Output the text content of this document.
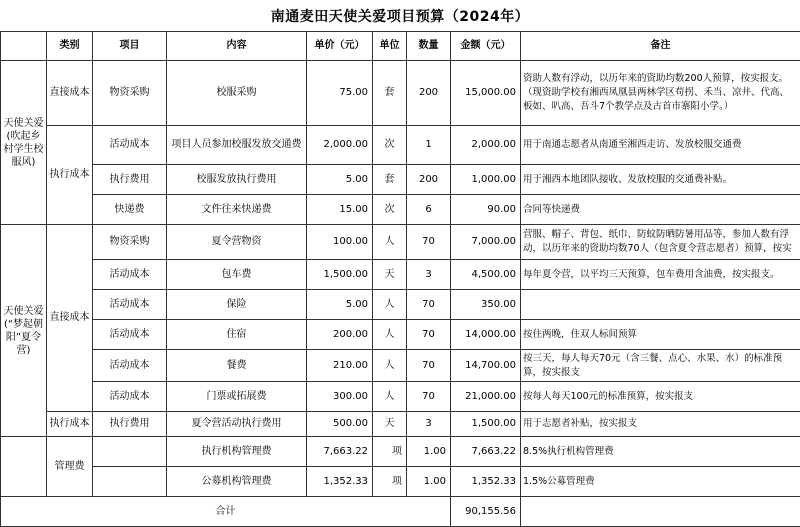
南通麦田天使关爱项目预算（2024年）
	类别	项目	内容	单价（元）	单位	数量	金额（元）	备注
天使关爱(吹起乡村学生校服风)	直接成本	物资采购	校服采购	75.00	套	200	15,000.00	资助人数有浮动，以历年来的资助均数200人预算，按实报支。（现资助学校有湘西凤凰县两林学区苟拐、禾当、凉井、代高、板如、叭高、吾斗7个教学点及古首市寨阳小学。）
	执行成本	活动成本	项目人员参加校服发放交通费	2,000.00	次	1	2,000.00	用于南通志愿者从南通至湘西走访、发放校服交通费
		执行费用	校服发放执行费用	5.00	套	200	1,000.00	用于湘西本地团队接收、发放校服的交通费补贴。
		快递费	文件往来快递费	15.00	次	6	90.00	合同等快递费
天使关爱(“梦起朝阳”夏令营)	直接成本	物资采购	夏令营物资	100.00	人	70	7,000.00	营服、帽子、背包、纸巾、防蚊防晒防暑用品等，参加人数有浮动，以历年来的资助均数70人（包含夏令营志愿者）预算，按实
		活动成本	包车费	1,500.00	天	3	4,500.00	每年夏令营，以平均三天预算，包车费用含油费，按实报支。
		活动成本	保险	5.00	人	70	350.00	
		活动成本	住宿	200.00	人	70	14,000.00	按住两晚，住双人标间预算
		活动成本	餐费	210.00	人	70	14,700.00	按三天，每人每天70元（含三餐、点心、水果、水）的标准预算，按实报支
		活动成本	门票或拓展费	300.00	人	70	21,000.00	按每人每天100元的标准预算，按实报支
	执行成本	执行费用	夏令营活动执行费用	500.00	天	3	1,500.00	用于志愿者补贴，按实报支
	管理费		执行机构管理费	7,663.22	项	1.00	7,663.22	8.5%执行机构管理费
			公募机构管理费	1,352.33	项	1.00	1,352.33	1.5%公募管理费
合计							90,155.56	
